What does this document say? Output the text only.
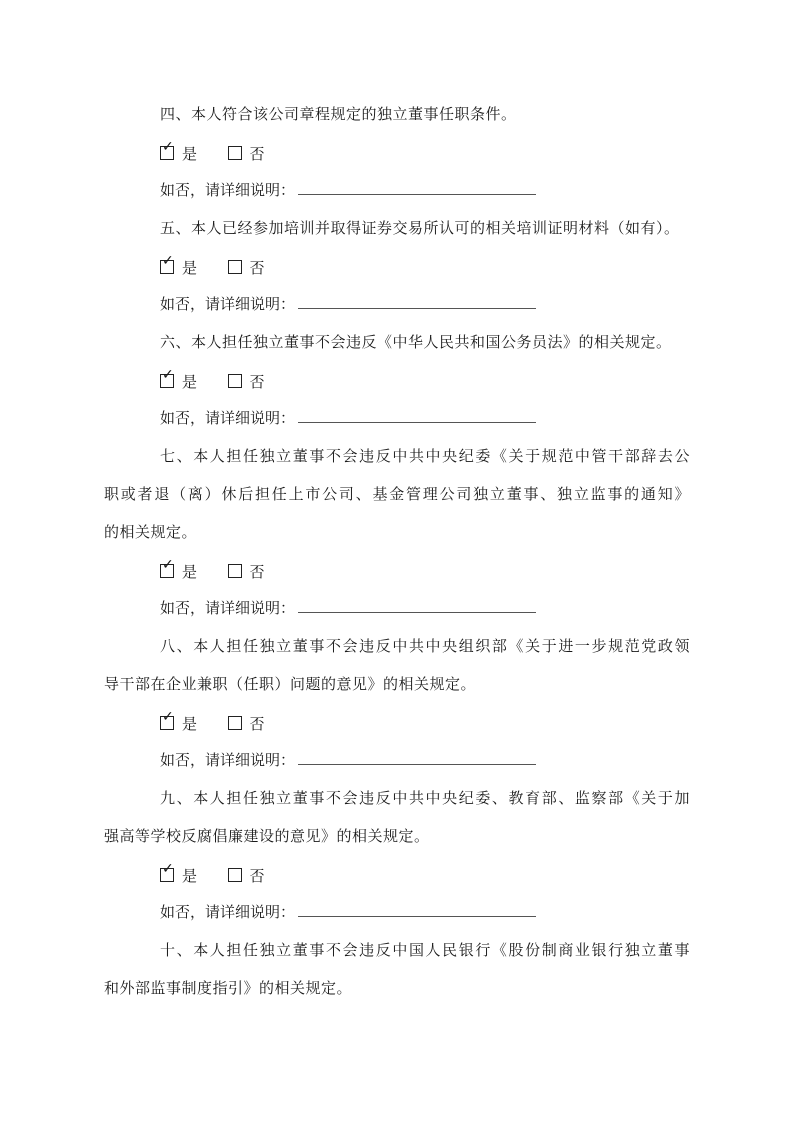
四、本人符合该公司章程规定的独立董事任职条件。
✓ 是	否
如否，请详细说明：
五、本人已经参加培训并取得证券交易所认可的相关培训证明材料（如有）。
✓ 是	否
如否，请详细说明：
六、本人担任独立董事不会违反《中华人民共和国公务员法》的相关规定。
✓ 是	否
如否，请详细说明：
七、本人担任独立董事不会违反中共中央纪委《关于规范中管干部辞去公
职或者退（离）休后担任上市公司、基金管理公司独立董事、独立监事的通知》
的相关规定。
✓ 是	否
如否，请详细说明：
八、本人担任独立董事不会违反中共中央组织部《关于进一步规范党政领
导干部在企业兼职（任职）问题的意见》的相关规定。
✓ 是	否
如否，请详细说明：
九、本人担任独立董事不会违反中共中央纪委、教育部、监察部《关于加
强高等学校反腐倡廉建设的意见》的相关规定。
✓ 是	否
如否，请详细说明：
十、本人担任独立董事不会违反中国人民银行《股份制商业银行独立董事
和外部监事制度指引》的相关规定。
